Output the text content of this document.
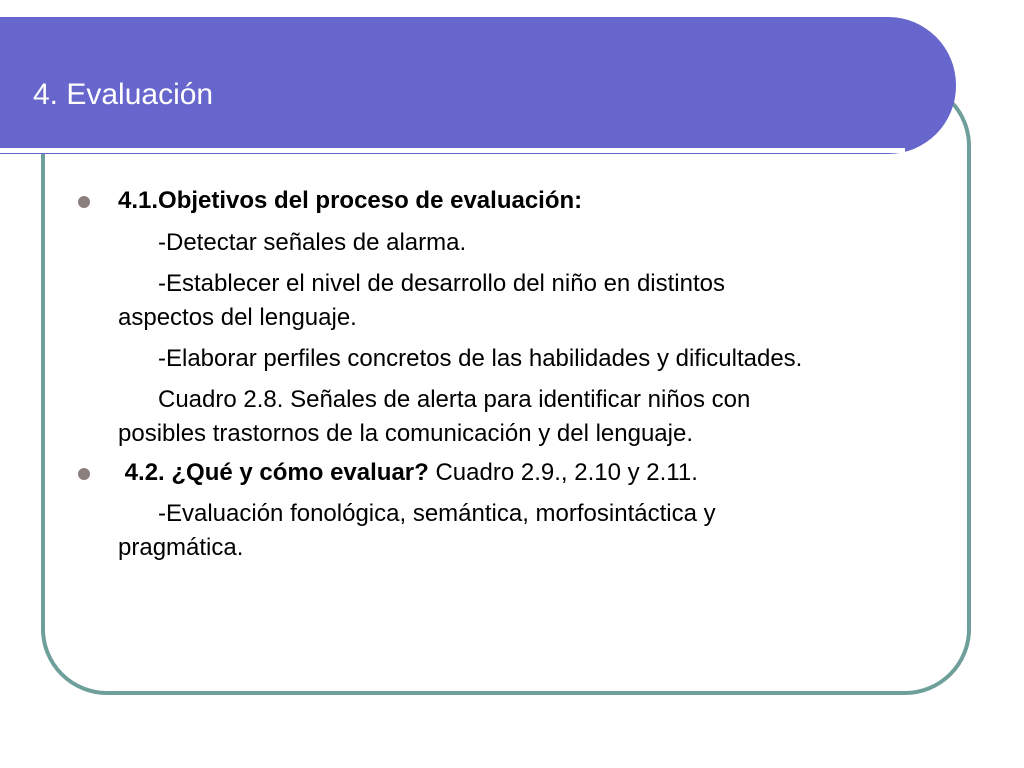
4. Evaluación
4.1.Objetivos del proceso de evaluación:
-Detectar señales de alarma.
-Establecer el nivel de desarrollo del niño en distintos
aspectos del lenguaje.
-Elaborar perfiles concretos de las habilidades y dificultades.
Cuadro 2.8. Señales de alerta para identificar niños con
posibles trastornos de la comunicación y del lenguaje.
4.2. ¿Qué y cómo evaluar? Cuadro 2.9., 2.10 y 2.11.
-Evaluación fonológica, semántica, morfosintáctica y
pragmática.
